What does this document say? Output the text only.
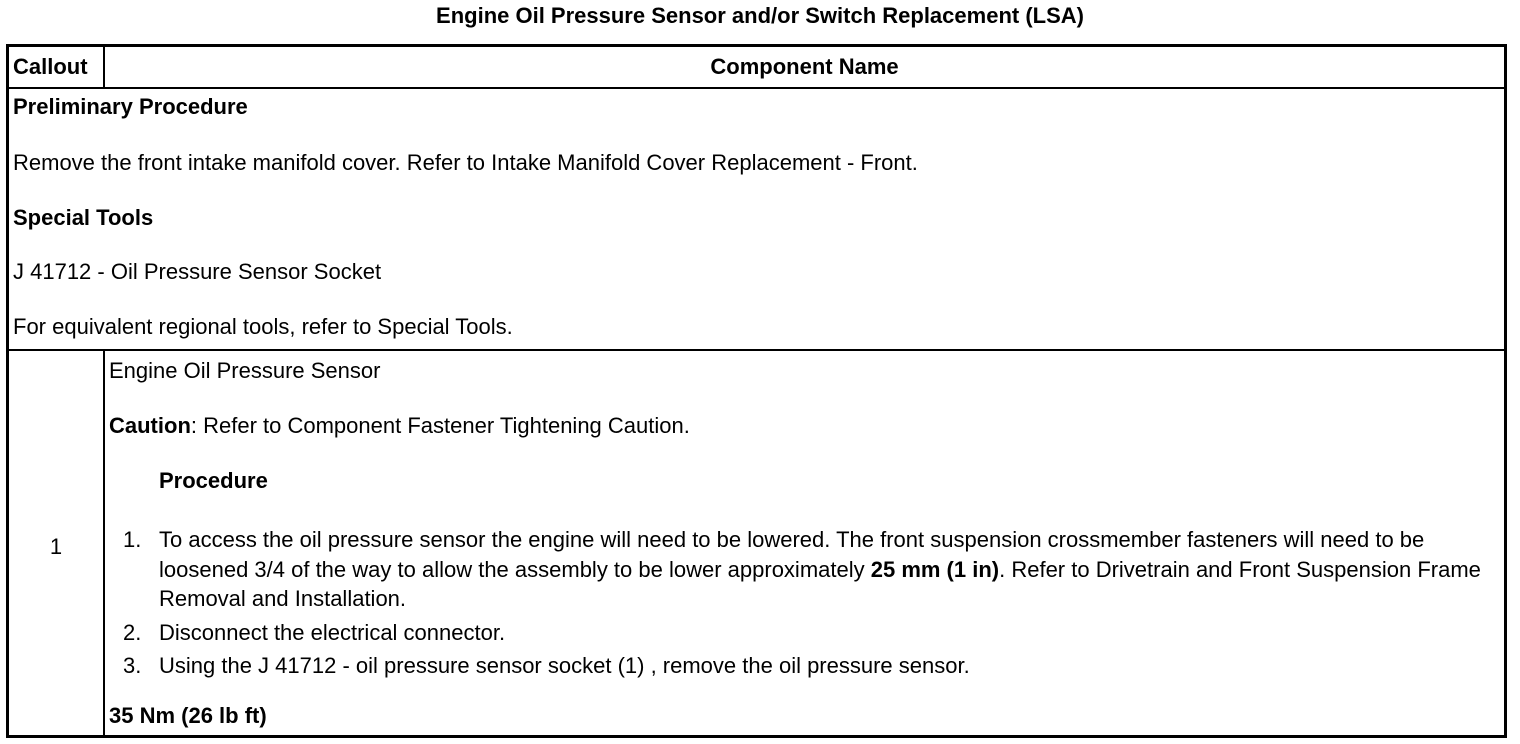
Engine Oil Pressure Sensor and/or Switch Replacement (LSA)
Callout	Component Name
Preliminary Procedure
Remove the front intake manifold cover. Refer to Intake Manifold Cover Replacement - Front.
Special Tools
J 41712 - Oil Pressure Sensor Socket
For equivalent regional tools, refer to Special Tools.
1
Engine Oil Pressure Sensor
Caution: Refer to Component Fastener Tightening Caution.
Procedure
1. To access the oil pressure sensor the engine will need to be lowered. The front suspension crossmember fasteners will need to be loosened 3/4 of the way to allow the assembly to be lower approximately 25 mm (1 in). Refer to Drivetrain and Front Suspension Frame Removal and Installation.
2. Disconnect the electrical connector.
3. Using the J 41712 - oil pressure sensor socket (1) , remove the oil pressure sensor.
35 Nm (26 lb ft)
